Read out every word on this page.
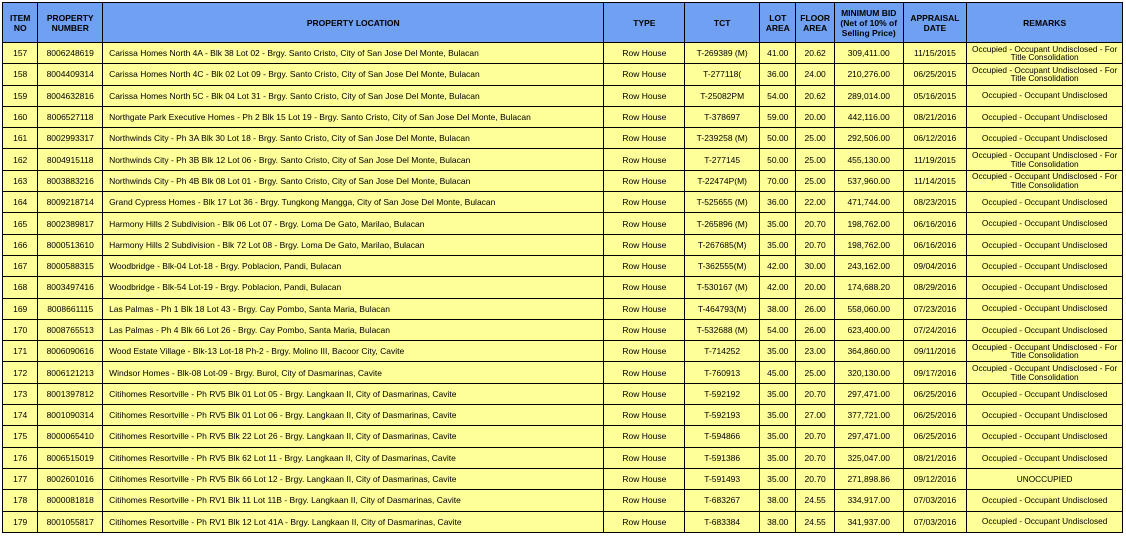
ITEM NO	PROPERTY NUMBER	PROPERTY LOCATION	TYPE	TCT	LOT AREA	FLOOR AREA	MINIMUM BID (Net of 10% of Selling Price)	APPRAISAL DATE	REMARKS
157	8006248619	Carissa Homes North 4A - Blk 38 Lot 02 - Brgy. Santo Cristo, City of San Jose Del Monte, Bulacan	Row House	T-269389 (M)	41.00	20.62	309,411.00	11/15/2015	Occupied - Occupant Undisclosed - For Title Consolidation
158	8004409314	Carissa Homes North 4C - Blk 02 Lot 09 - Brgy. Santo Cristo, City of San Jose Del Monte, Bulacan	Row House	T-277118(	36.00	24.00	210,276.00	06/25/2015	Occupied - Occupant Undisclosed - For Title Consolidation
159	8004632816	Carissa Homes North 5C - Blk 04 Lot 31 - Brgy. Santo Cristo, City of San Jose Del Monte, Bulacan	Row House	T-25082PM	54.00	20.62	289,014.00	05/16/2015	Occupied - Occupant Undisclosed
160	8006527118	Northgate Park Executive Homes - Ph 2 Blk 15 Lot 19 - Brgy. Santo Cristo, City of San Jose Del Monte, Bulacan	Row House	T-378697	59.00	20.00	442,116.00	08/21/2016	Occupied - Occupant Undisclosed
161	8002993317	Northwinds City - Ph 3A Blk 30 Lot 18 - Brgy. Santo Cristo, City of San Jose Del Monte, Bulacan	Row House	T-239258 (M)	50.00	25.00	292,506.00	06/12/2016	Occupied - Occupant Undisclosed
162	8004915118	Northwinds City - Ph 3B Blk 12 Lot 06 - Brgy. Santo Cristo, City of San Jose Del Monte, Bulacan	Row House	T-277145	50.00	25.00	455,130.00	11/19/2015	Occupied - Occupant Undisclosed - For Title Consolidation
163	8003883216	Northwinds City - Ph 4B Blk 08 Lot 01 - Brgy. Santo Cristo, City of San Jose Del Monte, Bulacan	Row House	T-22474P(M)	70.00	25.00	537,960.00	11/14/2015	Occupied - Occupant Undisclosed - For Title Consolidation
164	8009218714	Grand Cypress Homes - Blk 17 Lot 36 - Brgy. Tungkong Mangga, City of San Jose Del Monte, Bulacan	Row House	T-525655 (M)	36.00	22.00	471,744.00	08/23/2015	Occupied - Occupant Undisclosed
165	8002389817	Harmony Hills 2 Subdivision - Blk 06 Lot 07 - Brgy. Loma De Gato, Marilao, Bulacan	Row House	T-265896 (M)	35.00	20.70	198,762.00	06/16/2016	Occupied - Occupant Undisclosed
166	8000513610	Harmony Hills 2 Subdivision - Blk 72 Lot 08 - Brgy. Loma De Gato, Marilao, Bulacan	Row House	T-267685(M)	35.00	20.70	198,762.00	06/16/2016	Occupied - Occupant Undisclosed
167	8000588315	Woodbridge - Blk-04 Lot-18 - Brgy. Poblacion, Pandi, Bulacan	Row House	T-362555(M)	42.00	30.00	243,162.00	09/04/2016	Occupied - Occupant Undisclosed
168	8003497416	Woodbridge - Blk-54 Lot-19 - Brgy. Poblacion, Pandi, Bulacan	Row House	T-530167 (M)	42.00	20.00	174,688.20	08/29/2016	Occupied - Occupant Undisclosed
169	8008661115	Las Palmas - Ph 1 Blk 18 Lot 43 - Brgy. Cay Pombo, Santa Maria, Bulacan	Row House	T-464793(M)	38.00	26.00	558,060.00	07/23/2016	Occupied - Occupant Undisclosed
170	8008765513	Las Palmas - Ph 4 Blk 66 Lot 26 - Brgy. Cay Pombo, Santa Maria, Bulacan	Row House	T-532688 (M)	54.00	26.00	623,400.00	07/24/2016	Occupied - Occupant Undisclosed
171	8006090616	Wood Estate Village - Blk-13 Lot-18 Ph-2 - Brgy. Molino III, Bacoor City, Cavite	Row House	T-714252	35.00	23.00	364,860.00	09/11/2016	Occupied - Occupant Undisclosed - For Title Consolidation
172	8006121213	Windsor Homes - Blk-08 Lot-09 - Brgy. Burol, City of Dasmarinas, Cavite	Row House	T-760913	45.00	25.00	320,130.00	09/17/2016	Occupied - Occupant Undisclosed - For Title Consolidation
173	8001397812	Citihomes Resortville - Ph RV5 Blk 01 Lot 05 - Brgy. Langkaan II, City of Dasmarinas, Cavite	Row House	T-592192	35.00	20.70	297,471.00	06/25/2016	Occupied - Occupant Undisclosed
174	8001090314	Citihomes Resortville - Ph RV5 Blk 01 Lot 06 - Brgy. Langkaan II, City of Dasmarinas, Cavite	Row House	T-592193	35.00	27.00	377,721.00	06/25/2016	Occupied - Occupant Undisclosed
175	8000065410	Citihomes Resortville - Ph RV5 Blk 22 Lot 26 - Brgy. Langkaan II, City of Dasmarinas, Cavite	Row House	T-594866	35.00	20.70	297,471.00	06/25/2016	Occupied - Occupant Undisclosed
176	8006515019	Citihomes Resortville - Ph RV5 Blk 62 Lot 11 - Brgy. Langkaan II, City of Dasmarinas, Cavite	Row House	T-591386	35.00	20.70	325,047.00	08/21/2016	Occupied - Occupant Undisclosed
177	8002601016	Citihomes Resortville - Ph RV5 Blk 66 Lot 12 - Brgy. Langkaan II, City of Dasmarinas, Cavite	Row House	T-591493	35.00	20.70	271,898.86	09/12/2016	UNOCCUPIED
178	8000081818	Citihomes Resortville - Ph RV1 Blk 11 Lot 11B - Brgy. Langkaan II, City of Dasmarinas, Cavite	Row House	T-683267	38.00	24.55	334,917.00	07/03/2016	Occupied - Occupant Undisclosed
179	8001055817	Citihomes Resortville - Ph RV1 Blk 12 Lot 41A - Brgy. Langkaan II, City of Dasmarinas, Cavite	Row House	T-683384	38.00	24.55	341,937.00	07/03/2016	Occupied - Occupant Undisclosed
